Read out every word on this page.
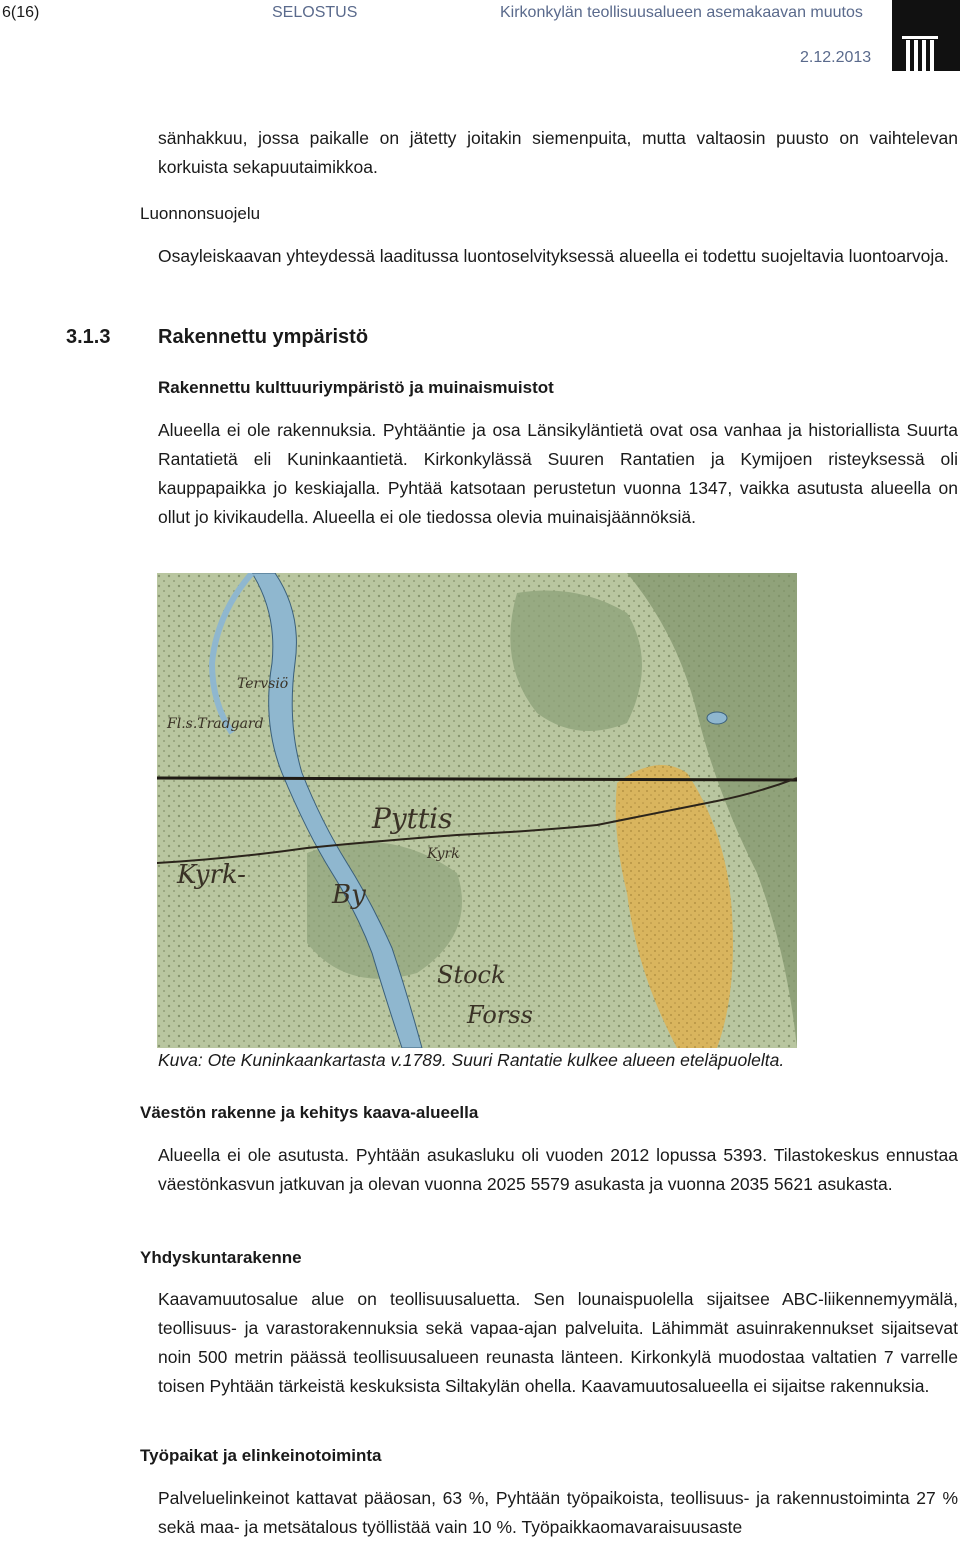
6(16)	SELOSTUS	Kirkonkylän teollisuusalueen asemakaavan muutos
2.12.2013

sänhakkuu, jossa paikalle on jätetty joitakin siemenpuita, mutta valtaosin puusto on vaihtelevan korkuista sekapuutaimikkoa.

Luonnonsuojelu

Osayleiskaavan yhteydessä laaditussa luontoselvityksessä alueella ei todettu suojeltavia luontoarvoja.

3.1.3 Rakennettu ympäristö

Rakennettu kulttuuriympäristö ja muinaismuistot

Alueella ei ole rakennuksia. Pyhtääntie ja osa Länsikyläntietä ovat osa vanhaa ja historiallista Suurta Rantatietä eli Kuninkaantietä. Kirkonkylässä Suuren Rantatien ja Kymijoen risteyksessä oli kauppapaikka jo keskiajalla. Pyhtää katsotaan perustetun vuonna 1347, vaikka asutusta alueella on ollut jo kivikaudella. Alueella ei ole tiedossa olevia muinaisjäännöksiä.

Tervsiö
Fl.s.Tradgard
Pyttis
Kyrk
Kyrk-
By
Stock
Forss

Kuva: Ote Kuninkaankartasta v.1789. Suuri Rantatie kulkee alueen eteläpuolelta.

Väestön rakenne ja kehitys kaava-alueella

Alueella ei ole asutusta. Pyhtään asukasluku oli vuoden 2012 lopussa 5393. Tilastokeskus ennustaa väestönkasvun jatkuvan ja olevan vuonna 2025 5579 asukasta ja vuonna 2035 5621 asukasta.

Yhdyskuntarakenne

Kaavamuutosalue alue on teollisuusaluetta. Sen lounaispuolella sijaitsee ABC-liikennemyymälä, teollisuus- ja varastorakennuksia sekä vapaa-ajan palveluita. Lähimmät asuinrakennukset sijaitsevat noin 500 metrin päässä teollisuusalueen reunasta länteen. Kirkonkylä muodostaa valtatien 7 varrelle toisen Pyhtään tärkeistä keskuksista Siltakylän ohella. Kaavamuutosalueella ei sijaitse rakennuksia.

Työpaikat ja elinkeinotoiminta

Palveluelinkeinot kattavat pääosan, 63 %, Pyhtään työpaikoista, teollisuus- ja rakennustoiminta 27 % sekä maa- ja metsätalous työllistää vain 10 %. Työpaikkaomavaraisuusaste
